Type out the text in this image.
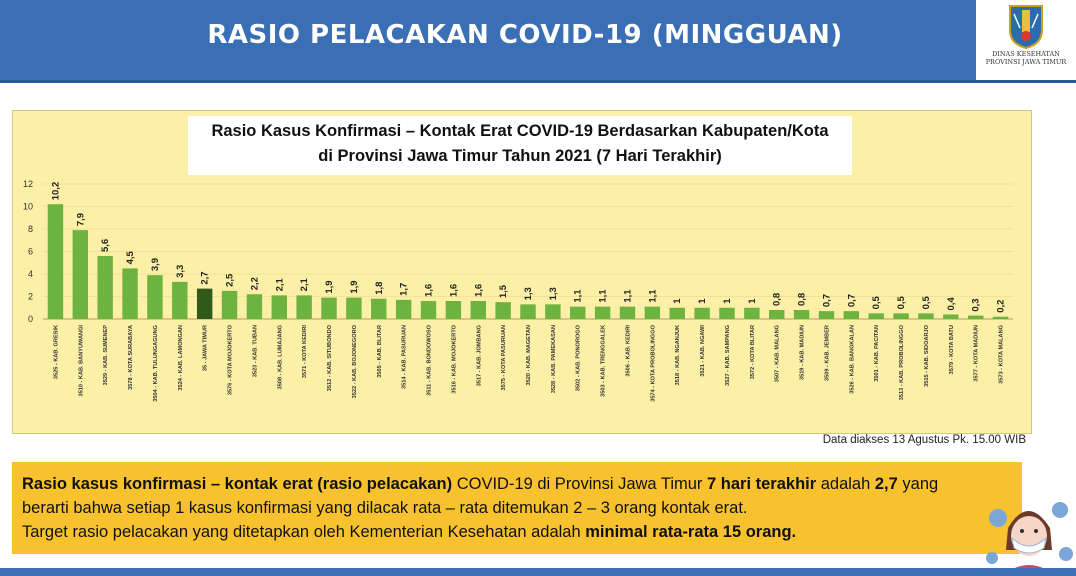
RASIO PELACAKAN COVID-19 (MINGGUAN)
DINAS KESEHATAN
PROVINSI JAWA TIMUR
0
2
4
6
8
10
12 10,2
3525 - KAB. GRESIK
7,9
3510 - KAB. BANYUWANGI
5,6
3529 - KAB. SUMENEP
4,5
3578 - KOTA SURABAYA
3,9
3504 - KAB. TULUNGAGUNG
3,3
3524 - KAB. LAMONGAN
2,7
35 - JAWA TIMUR
2,5
3576 - KOTA MOJOKERTO
2,2
3523 - KAB. TUBAN
2,1
3508 - KAB. LUMAJANG
2,1
3571 - KOTA KEDIRI
1,9
3512 - KAB. SITUBONDO
1,9
3522 - KAB. BOJONEGORO
1,8
3505 - KAB. BLITAR
1,7
3514 - KAB. PASURUAN
1,6
3511 - KAB. BONDOWOSO
1,6
3516 - KAB. MOJOKERTO
1,6
3517 - KAB. JOMBANG
1,5
3575 - KOTA PASURUAN
1,3
3520 - KAB. MAGETAN
1,3
3528 - KAB. PAMEKASAN
1,1
3502 - KAB. PONOROGO
1,1
3503 - KAB. TRENGGALEK
1,1
3506 - KAB. KEDIRI
1,1
3574 - KOTA PROBOLINGGO
1
3518 - KAB. NGANJUK
1
3521 - KAB. NGAWI
1
3527 - KAB. SAMPANG
1
3572 - KOTA BLITAR
0,8
3507 - KAB. MALANG
0,8
3519 - KAB. MADIUN
0,7
3509 - KAB. JEMBER
0,7
3526 - KAB. BANGKALAN
0,5
3501 - KAB. PACITAN
0,5
3513 - KAB. PROBOLINGGO
0,5
3515 - KAB. SIDOARJO
0,4
3579 - KOTA BATU
0,3
3577 - KOTA MADIUN
0,2
3573 - KOTA MALANG
Rasio Kasus Konfirmasi – Kontak Erat COVID-19 Berdasarkan Kabupaten/Kota
di Provinsi Jawa Timur Tahun 2021 (7 Hari Terakhir)
Data diakses 13 Agustus Pk. 15.00 WIB
Rasio kasus konfirmasi – kontak erat (rasio pelacakan) COVID-19 di Provinsi Jawa Timur 7 hari terakhir adalah 2,7 yang
berarti bahwa setiap 1 kasus konfirmasi yang dilacak rata – rata ditemukan 2 – 3 orang kontak erat.
Target rasio pelacakan yang ditetapkan oleh Kementerian Kesehatan adalah minimal rata-rata 15 orang.
